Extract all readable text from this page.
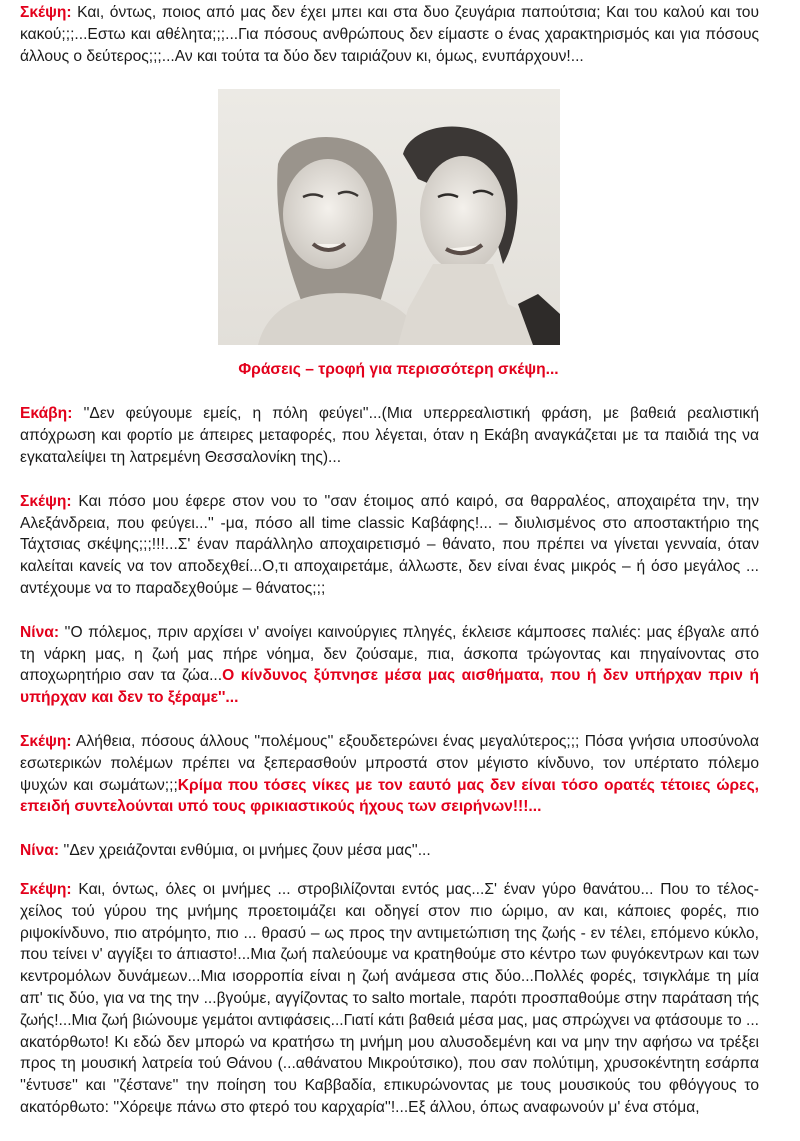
Σκέψη: Και, όντως, ποιος από μας δεν έχει μπει και στα δυο ζευγάρια παπούτσια; Και του καλού και του κακού;;;...Εστω και αθέλητα;;;...Για πόσους ανθρώπους δεν είμαστε ο ένας χαρακτηρισμός και για πόσους άλλους ο δεύτερος;;;...Αν και τούτα τα δύο δεν ταιριάζουν κι, όμως, ενυπάρχουν!...

Φράσεις – τροφή για περισσότερη σκέψη...

Εκάβη: ''Δεν φεύγουμε εμείς, η πόλη φεύγει''...(Μια υπερρεαλιστική φράση, με βαθειά ρεαλιστική απόχρωση και φορτίο με άπειρες μεταφορές, που λέγεται, όταν η Εκάβη αναγκάζεται με τα παιδιά της να εγκαταλείψει τη λατρεμένη Θεσσαλονίκη της)...

Σκέψη: Και πόσο μου έφερε στον νου το ''σαν έτοιμος από καιρό, σα θαρραλέος, αποχαιρέτα την, την Αλεξάνδρεια, που φεύγει...'' -μα, πόσο all time classic Καβάφης!... – διυλισμένος στο αποστακτήριο της Τάχτσιας σκέψης;;;!!!...Σ' έναν παράλληλο αποχαιρετισμό – θάνατο, που πρέπει να γίνεται γενναία, όταν καλείται κανείς να τον αποδεχθεί...Ο,τι αποχαιρετάμε, άλλωστε, δεν είναι ένας μικρός – ή όσο μεγάλος ... αντέχουμε να το παραδεχθούμε – θάνατος;;;

Νίνα: ''Ο πόλεμος, πριν αρχίσει ν' ανοίγει καινούργιες πληγές, έκλεισε κάμποσες παλιές: μας έβγαλε από τη νάρκη μας, η ζωή μας πήρε νόημα, δεν ζούσαμε, πια, άσκοπα τρώγοντας και πηγαίνοντας στο αποχωρητήριο σαν τα ζώα...Ο κίνδυνος ξύπνησε μέσα μας αισθήματα, που ή δεν υπήρχαν πριν ή υπήρχαν και δεν το ξέραμε''...

Σκέψη: Αλήθεια, πόσους άλλους ''πολέμους'' εξουδετερώνει ένας μεγαλύτερος;;; Πόσα γνήσια υποσύνολα εσωτερικών πολέμων πρέπει να ξεπερασθούν μπροστά στον μέγιστο κίνδυνο, τον υπέρτατο πόλεμο ψυχών και σωμάτων;;;Κρίμα που τόσες νίκες με τον εαυτό μας δεν είναι τόσο ορατές τέτοιες ώρες, επειδή συντελούνται υπό τους φρικιαστικούς ήχους των σειρήνων!!!...

Νίνα: ''Δεν χρειάζονται ενθύμια, οι μνήμες ζουν μέσα μας''...

Σκέψη: Και, όντως, όλες οι μνήμες ... στροβιλίζονται εντός μας...Σ' έναν γύρο θανάτου... Που το τέλος-χείλος τού γύρου της μνήμης προετοιμάζει και οδηγεί στον πιο ώριμο, αν και, κάποιες φορές, πιο ριψοκίνδυνο, πιο ατρόμητο, πιο ... θρασύ – ως προς την αντιμετώπιση της ζωής - εν τέλει, επόμενο κύκλο, που τείνει ν' αγγίξει το άπιαστο!...Μια ζωή παλεύουμε να κρατηθούμε στο κέντρο των φυγόκεντρων και των κεντρομόλων δυνάμεων...Μια ισορροπία είναι η ζωή ανάμεσα στις δύο...Πολλές φορές, τσιγκλάμε τη μία απ' τις δύο, για να της την ...βγούμε, αγγίζοντας το salto mortale, παρότι προσπαθούμε στην παράταση τής ζωής!...Μια ζωή βιώνουμε γεμάτοι αντιφάσεις...Γιατί κάτι βαθειά μέσα μας, μας σπρώχνει να φτάσουμε το ... ακατόρθωτο! Κι εδώ δεν μπορώ να κρατήσω τη μνήμη μου αλυσοδεμένη και να μην την αφήσω να τρέξει προς τη μουσική λατρεία τού Θάνου (...αθάνατου Μικρούτσικο), που σαν πολύτιμη, χρυσοκέντητη εσάρπα ''έντυσε'' και ''ζέστανε'' την ποίηση του Καββαδία, επικυρώνοντας με τους μουσικούς του φθόγγους το ακατόρθωτο: ''Χόρεψε πάνω στο φτερό του καρχαρία''!...Εξ άλλου, όπως αναφωνούν μ' ένα στόμα,
